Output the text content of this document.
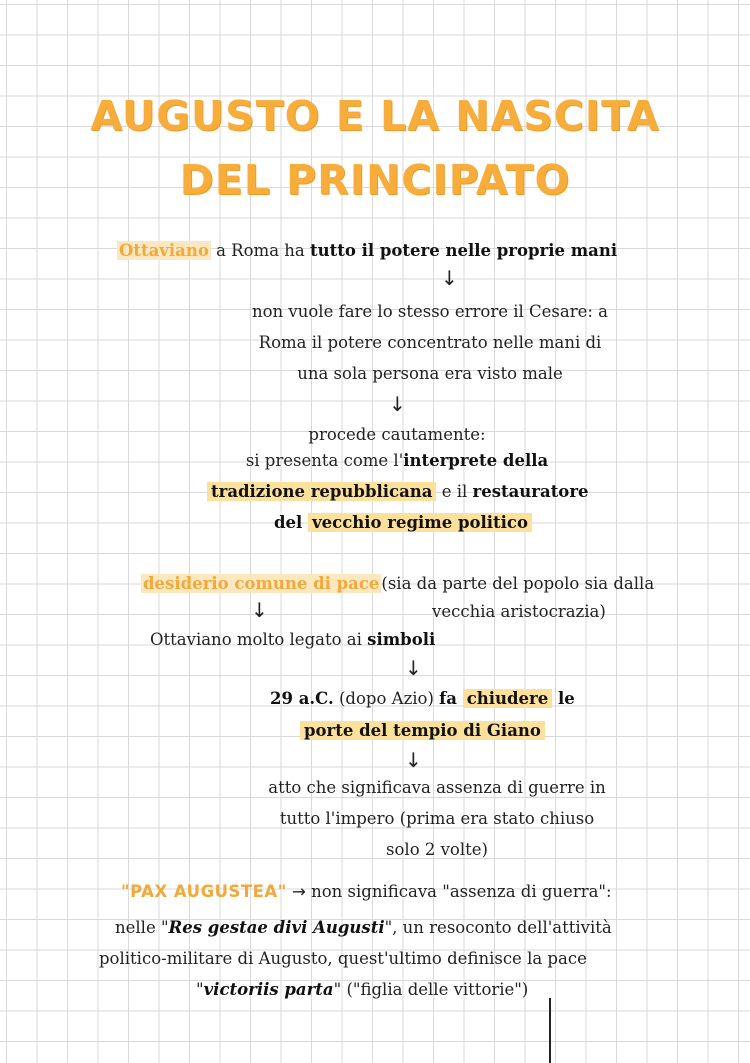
AUGUSTO E LA NASCITA
DEL PRINCIPATO
Ottaviano a Roma ha tutto il potere nelle proprie mani
↓
non vuole fare lo stesso errore il Cesare: a
Roma il potere concentrato nelle mani di
una sola persona era visto male
↓
procede cautamente:
si presenta come l'interprete della
tradizione repubblicana e il restauratore
del vecchio regime politico
desiderio comune di pace (sia da parte del popolo sia dalla
↓	vecchia aristocrazia)
Ottaviano molto legato ai simboli
↓
29 a.C. (dopo Azio) fa chiudere le
porte del tempio di Giano
↓
atto che significava assenza di guerre in
tutto l'impero (prima era stato chiuso
solo 2 volte)
"PAX AUGUSTEA" → non significava "assenza di guerra":
nelle "Res gestae divi Augusti", un resoconto dell'attività
politico-militare di Augusto, quest'ultimo definisce la pace
"victoriis parta" ("figlia delle vittorie")
